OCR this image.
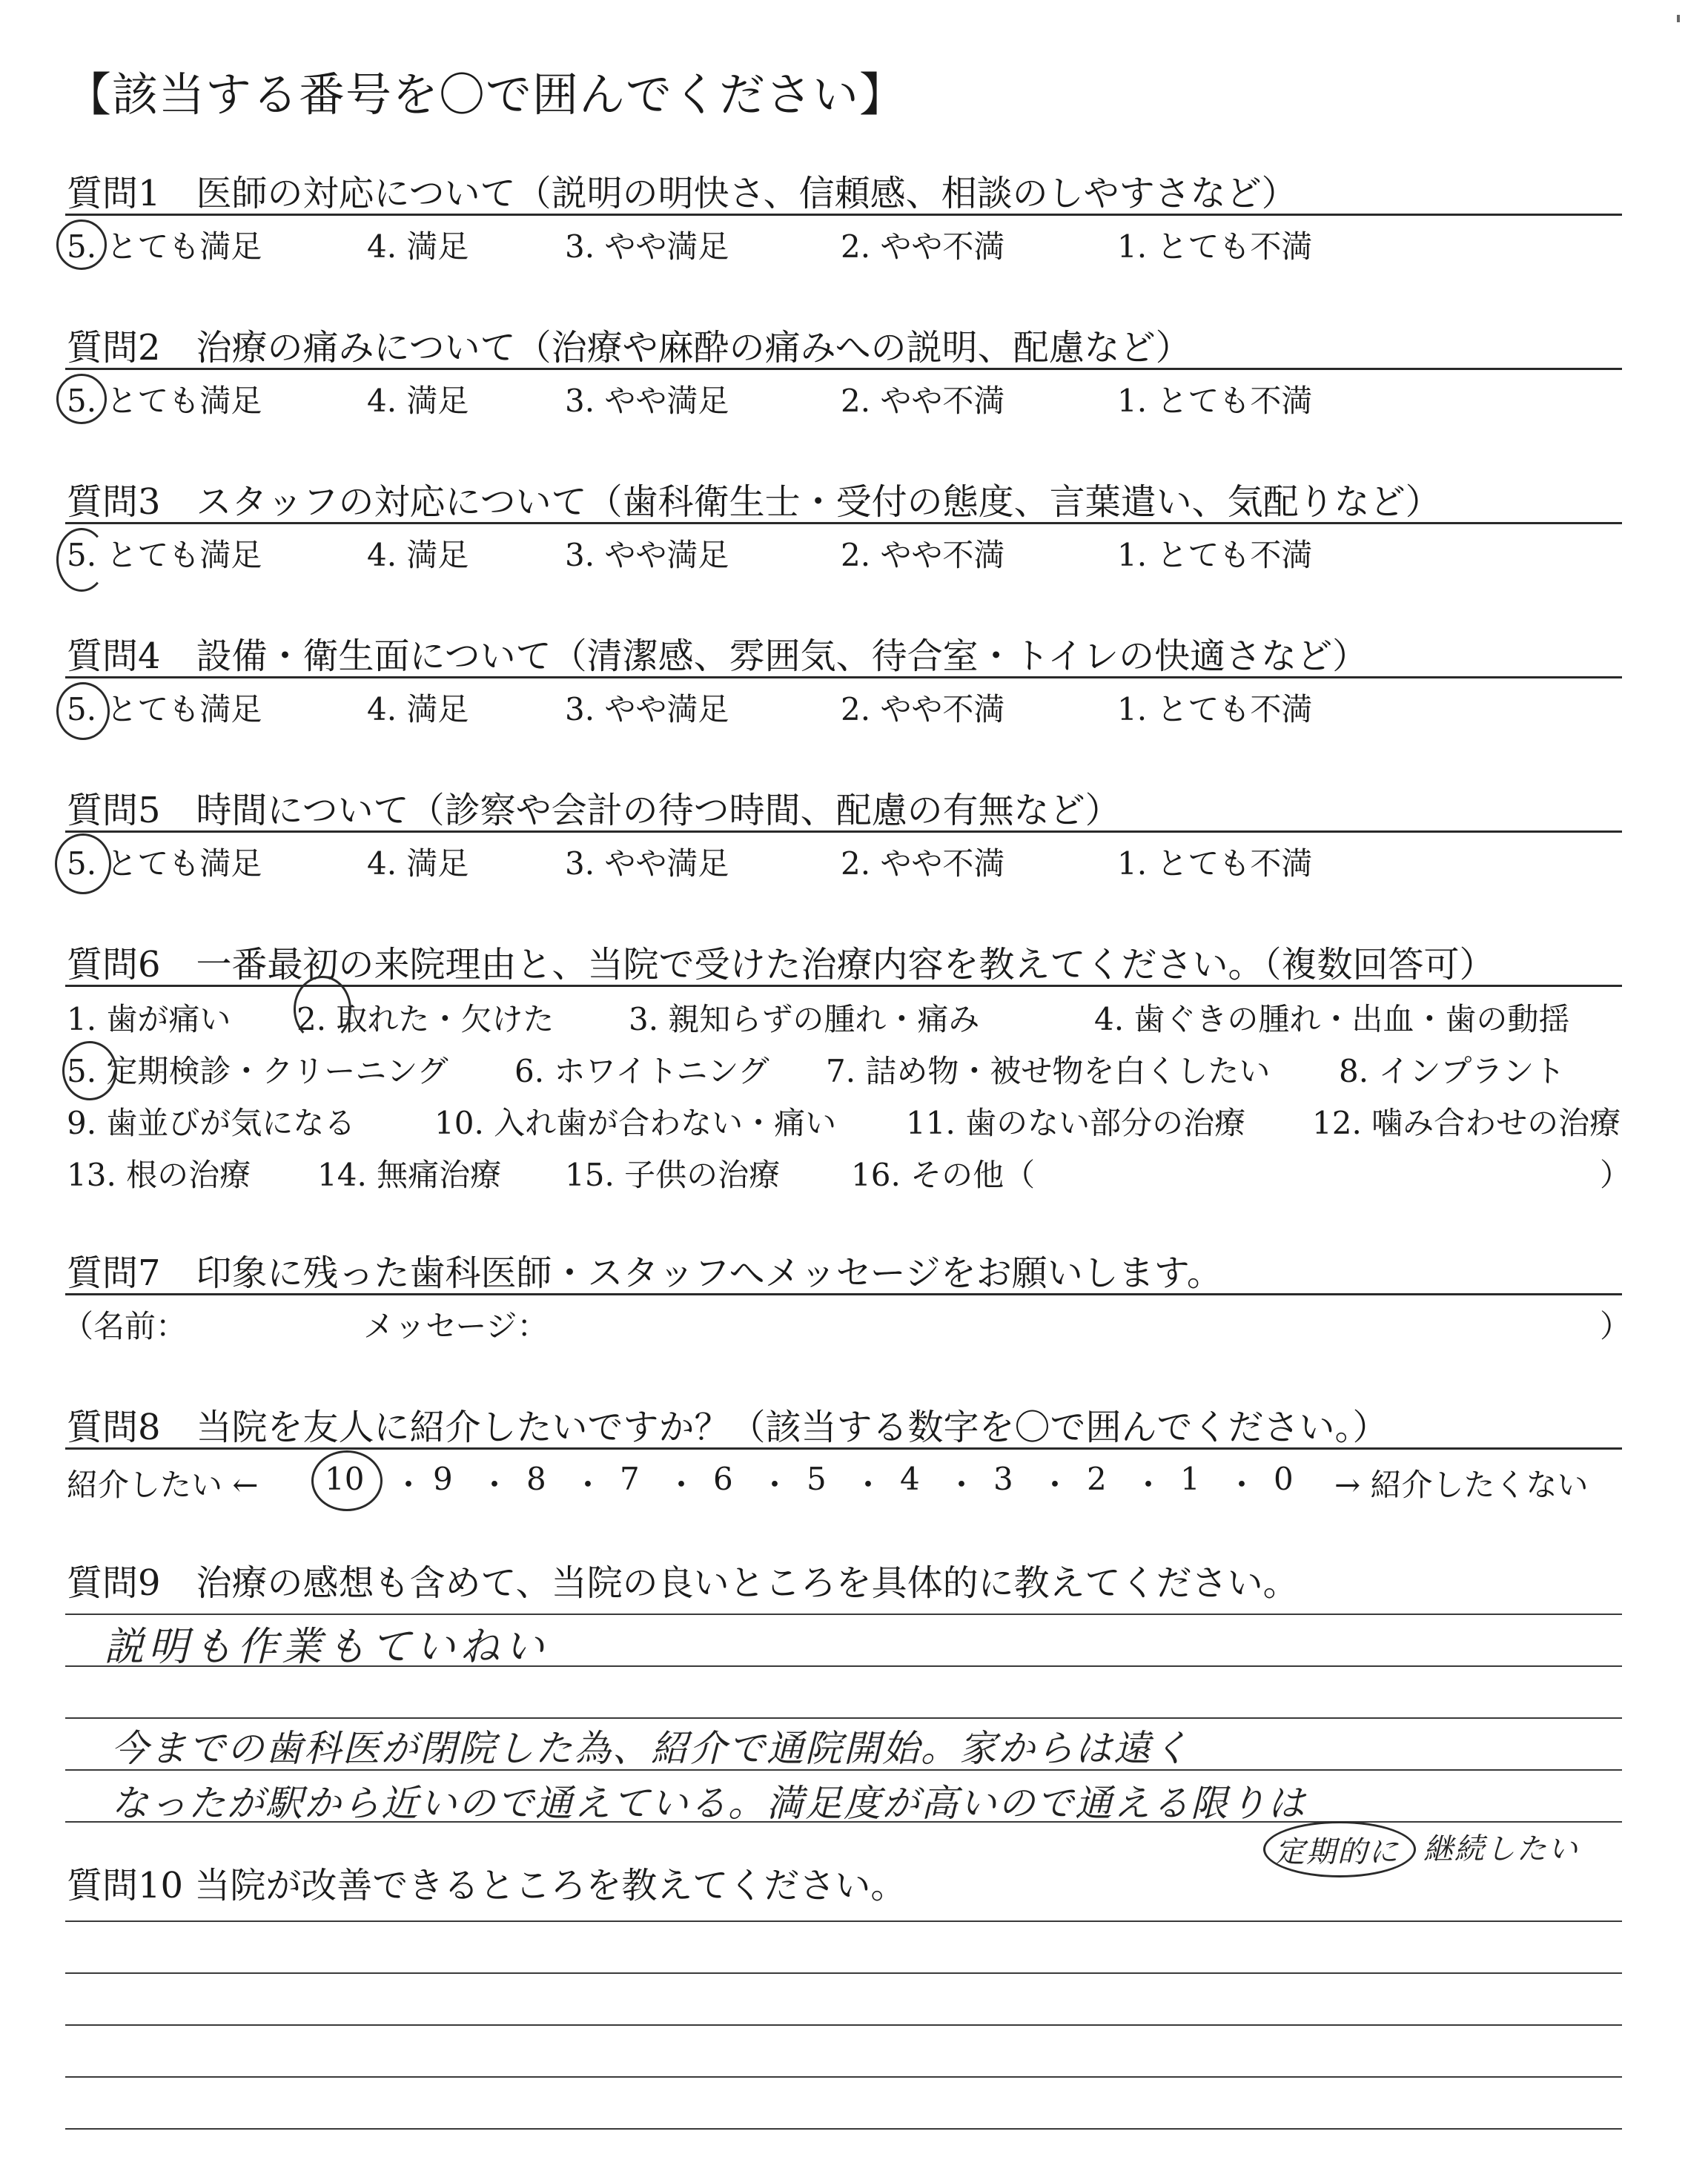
【該当する番号を〇で囲んでください】
質問1　医師の対応について（説明の明快さ、信頼感、相談のしやすさなど）
5. とても満足	4. 満足	3. やや満足	2. やや不満	1. とても不満
質問2　治療の痛みについて（治療や麻酔の痛みへの説明、配慮など）
5. とても満足	4. 満足	3. やや満足	2. やや不満	1. とても不満
質問3　スタッフの対応について（歯科衛生士・受付の態度、言葉遣い、気配りなど）
5. とても満足	4. 満足	3. やや満足	2. やや不満	1. とても不満
質問4　設備・衛生面について（清潔感、雰囲気、待合室・トイレの快適さなど）
5. とても満足	4. 満足	3. やや満足	2. やや不満	1. とても不満
質問5　時間について（診察や会計の待つ時間、配慮の有無など）
5. とても満足	4. 満足	3. やや満足	2. やや不満	1. とても不満
質問6　一番最初の来院理由と、当院で受けた治療内容を教えてください。（複数回答可）
1. 歯が痛い 2. 取れた・欠けた 3. 親知らずの腫れ・痛み	4. 歯ぐきの腫れ・出血・歯の動揺
5. 定期検診・クリーニング 6. ホワイトニング 7. 詰め物・被せ物を白くしたい 8. インプラント
9. 歯並びが気になる	10. 入れ歯が合わない・痛い 11. 歯のない部分の治療 12. 噛み合わせの治療
13. 根の治療 14. 無痛治療 15. 子供の治療 16. その他（	）
質問7　印象に残った歯科医師・スタッフへメッセージをお願いします。
（名前：	メッセージ：	）
質問8　当院を友人に紹介したいですか？（該当する数字を〇で囲んでください。）
紹介したい ← 10 ・ 9 ・ 8 ・ 7 ・ 6 ・ 5 ・ 4 ・ 3 ・ 2 ・ 1 ・ 0 → 紹介したくない
質問9　治療の感想も含めて、当院の良いところを具体的に教えてください。
説明も作業もていねい
今までの歯科医が閉院した為、紹介で通院開始。家からは遠く
なったが駅から近いので通えている。満足度が高いので通える限りは
定期的に 継続したい
質問10 当院が改善できるところを教えてください。
